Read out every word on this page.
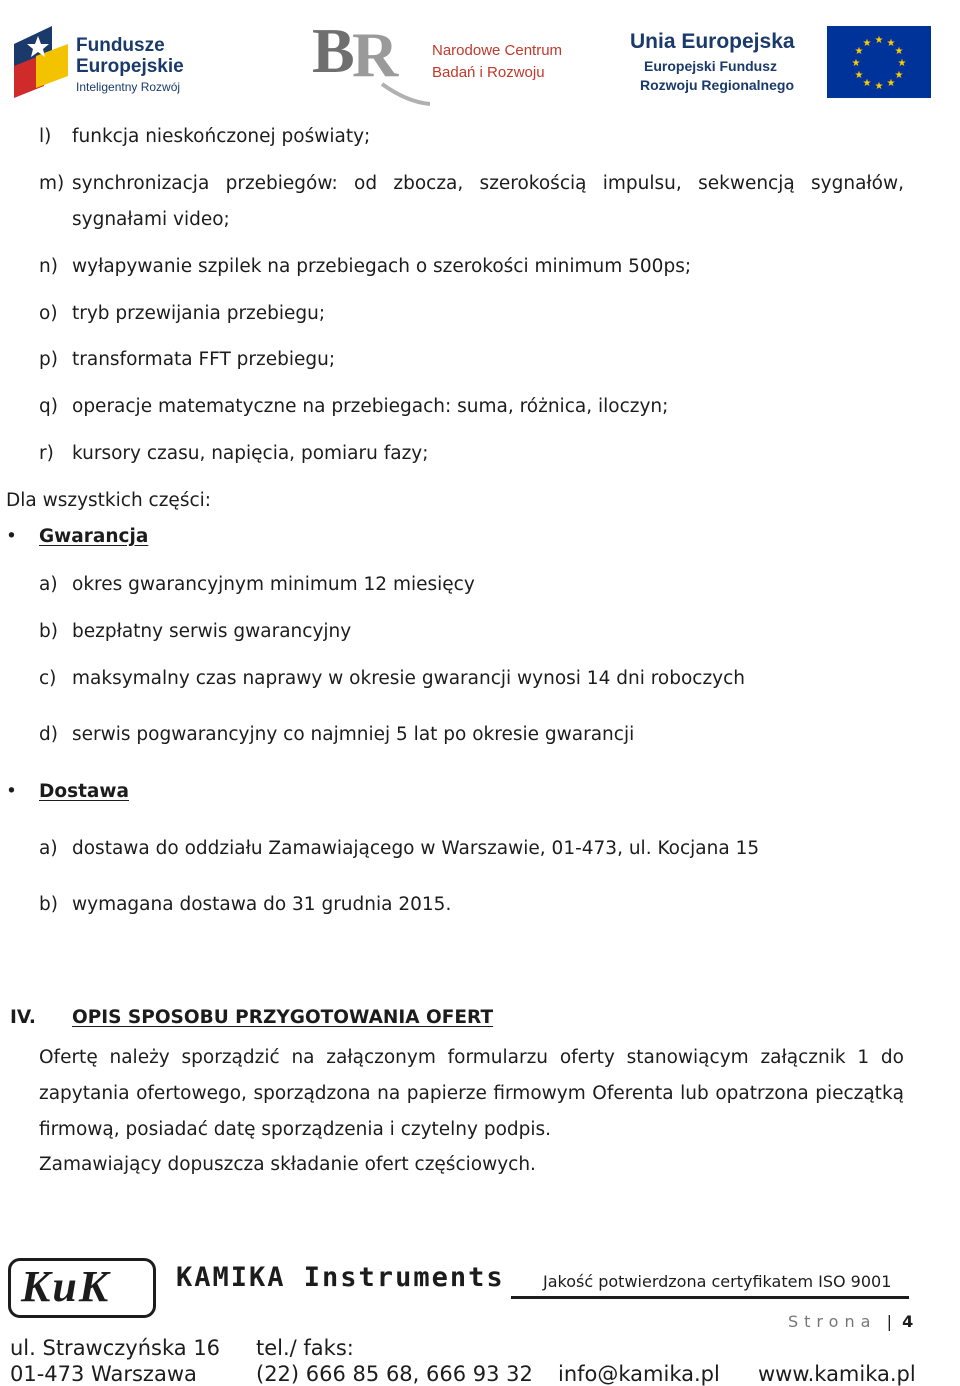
Fundusze
Europejskie
Inteligentny Rozwój
B
R Narodowe Centrum
Badań i Rozwoju
Unia Europejska
Europejski Fundusz
Rozwoju Regionalnego
★ ★
★
★
★
★
★
★
★
★
★
★
l) funkcja nieskończonej poświaty;
m) synchronizacja przebiegów: od zbocza, szerokością impulsu, sekwencją sygnałów,
sygnałami video;
n) wyłapywanie szpilek na przebiegach o szerokości minimum 500ps;
o) tryb przewijania przebiegu;
p) transformata FFT przebiegu;
q) operacje matematyczne na przebiegach: suma, różnica, iloczyn;
r) kursory czasu, napięcia, pomiaru fazy;
Dla wszystkich części:
• Gwarancja
a) okres gwarancyjnym minimum 12 miesięcy
b) bezpłatny serwis gwarancyjny
c) maksymalny czas naprawy w okresie gwarancji wynosi 14 dni roboczych
d) serwis pogwarancyjny co najmniej 5 lat po okresie gwarancji
• Dostawa
a) dostawa do oddziału Zamawiającego w Warszawie, 01-473, ul. Kocjana 15
b) wymagana dostawa do 31 grudnia 2015.
IV. OPIS SPOSOBU PRZYGOTOWANIA OFERT
Ofertę należy sporządzić na załączonym formularzu oferty stanowiącym załącznik 1 do
zapytania ofertowego, sporządzona na papierze firmowym Oferenta lub opatrzona pieczątką
firmową, posiadać datę sporządzenia i czytelny podpis.
Zamawiający dopuszcza składanie ofert częściowych.
KuK KAMIKA Instruments Jakość potwierdzona certyfikatem ISO 9001
Strona  |  4
ul. Strawczyńska 16
01-473 Warszawa
tel./ faks:
(22) 666 85 68, 666 93 32 info@kamika.pl www.kamika.pl
